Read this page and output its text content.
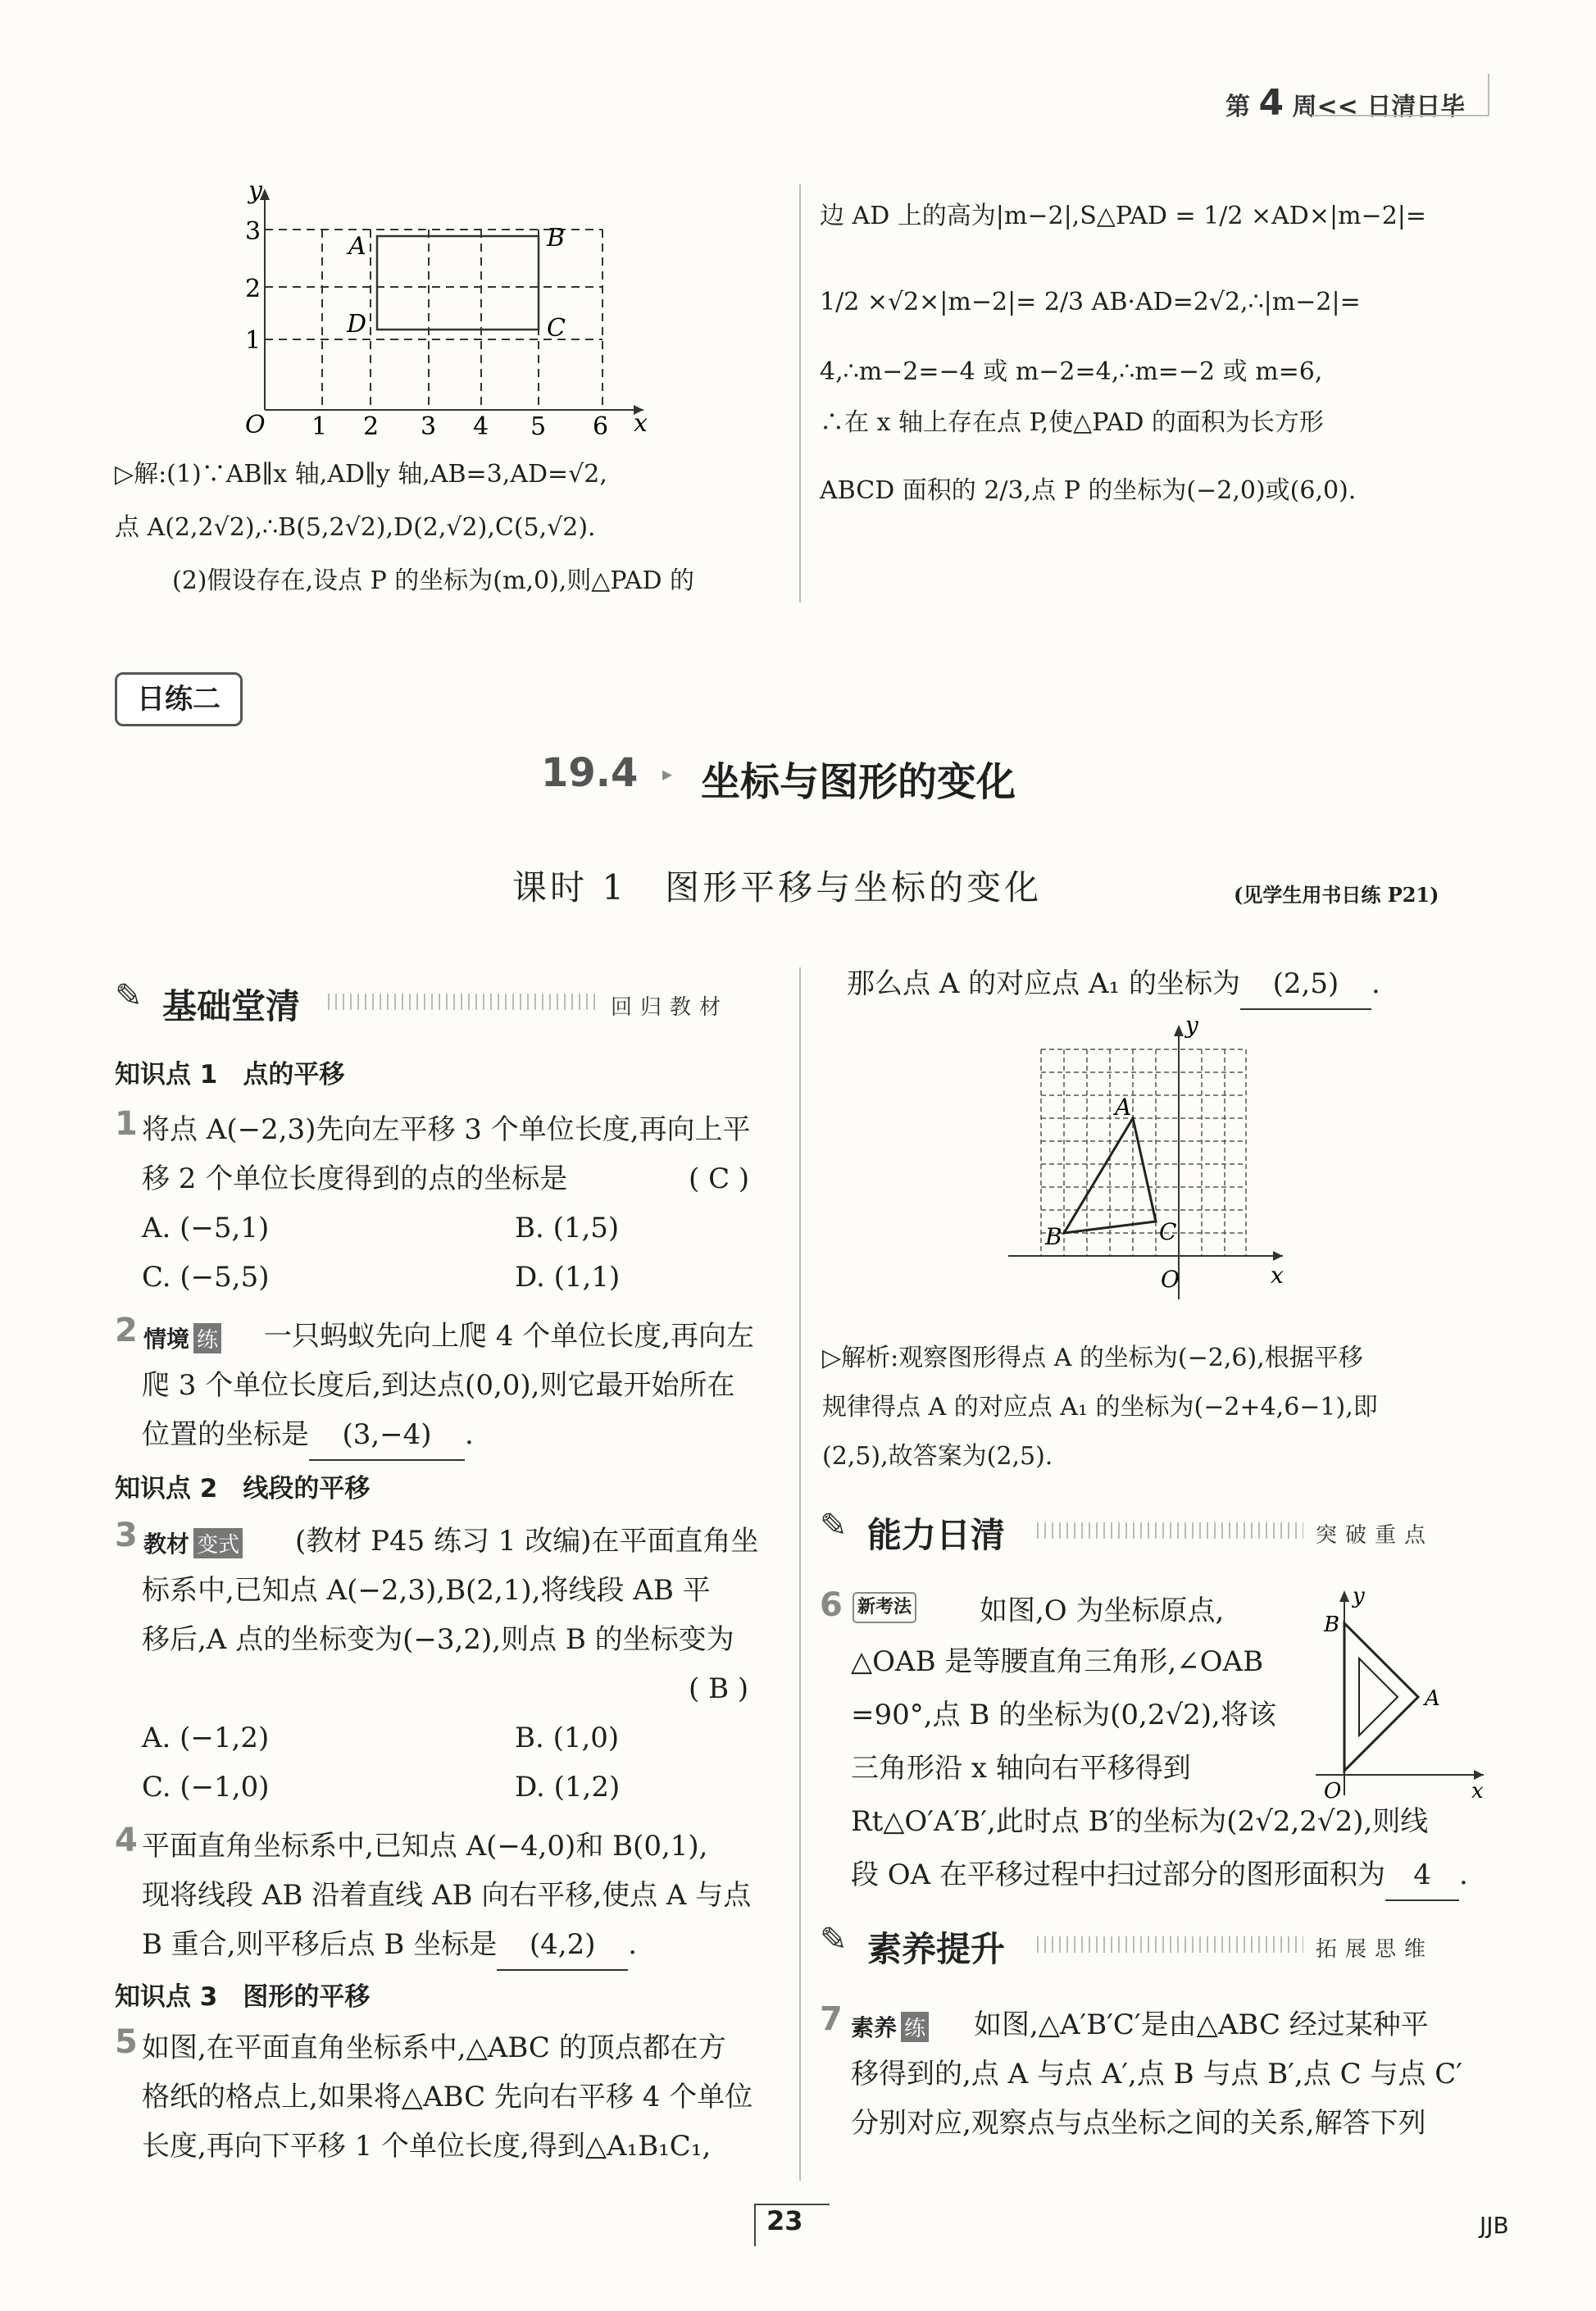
第 4 周<< 日清日毕
y
x
O
A	B
D	C
1 2 3 4 5 6
1
2
3
▷解:(1)∵AB∥x 轴,AD∥y 轴,AB=3,AD=√2,
点 A(2,2√2),∴B(5,2√2),D(2,√2),C(5,√2).
(2)假设存在,设点 P 的坐标为(m,0),则△PAD 的
边 AD 上的高为|m−2|,S△PAD = 1/2 ×AD×|m−2|=
1/2 ×√2×|m−2|= 2/3 AB·AD=2√2,∴|m−2|=
4,∴m−2=−4 或 m−2=4,∴m=−2 或 m=6,
∴在 x 轴上存在点 P,使△PAD 的面积为长方形
ABCD 面积的 2/3,点 P 的坐标为(−2,0)或(6,0).
日练二
19.4 ▸ 坐标与图形的变化
课时 1　图形平移与坐标的变化	(见学生用书日练 P21)
✎ 基础堂清	回归教材
知识点 1　点的平移
1 将点 A(−2,3)先向左平移 3 个单位长度,再向上平
移 2 个单位长度得到的点的坐标是	( C )
A. (−5,1)	B. (1,5)
C. (−5,5)	D. (1,1)
2 情境 练 一只蚂蚁先向上爬 4 个单位长度,再向左
爬 3 个单位长度后,到达点(0,0),则它最开始所在
位置的坐标是 (3,−4) .
知识点 2　线段的平移
3 教材 变式 (教材 P45 练习 1 改编)在平面直角坐
标系中,已知点 A(−2,3),B(2,1),将线段 AB 平
移后,A 点的坐标变为(−3,2),则点 B 的坐标变为
( B )
A. (−1,2)	B. (1,0)
C. (−1,0)	D. (1,2)
4 平面直角坐标系中,已知点 A(−4,0)和 B(0,1),
现将线段 AB 沿着直线 AB 向右平移,使点 A 与点
B 重合,则平移后点 B 坐标是 (4,2) .
知识点 3　图形的平移
5 如图,在平面直角坐标系中,△ABC 的顶点都在方
格纸的格点上,如果将△ABC 先向右平移 4 个单位
长度,再向下平移 1 个单位长度,得到△A₁B₁C₁,
那么点 A 的对应点 A₁ 的坐标为 (2,5) .
y
A
B	C
O	x
▷解析:观察图形得点 A 的坐标为(−2,6),根据平移
规律得点 A 的对应点 A₁ 的坐标为(−2+4,6−1),即
(2,5),故答案为(2,5).
✎ 能力日清	突破重点
6 新考法 如图,O 为坐标原点,
△OAB 是等腰直角三角形,∠OAB
=90°,点 B 的坐标为(0,2√2),将该
三角形沿 x 轴向右平移得到
Rt△O′A′B′,此时点 B′的坐标为(2√2,2√2),则线
段 OA 在平移过程中扫过部分的图形面积为 4 .
y
B
A
O	x
✎ 素养提升	拓展思维
7 素养 练 如图,△A′B′C′是由△ABC 经过某种平
移得到的,点 A 与点 A′,点 B 与点 B′,点 C 与点 C′
分别对应,观察点与点坐标之间的关系,解答下列
23	JJB
